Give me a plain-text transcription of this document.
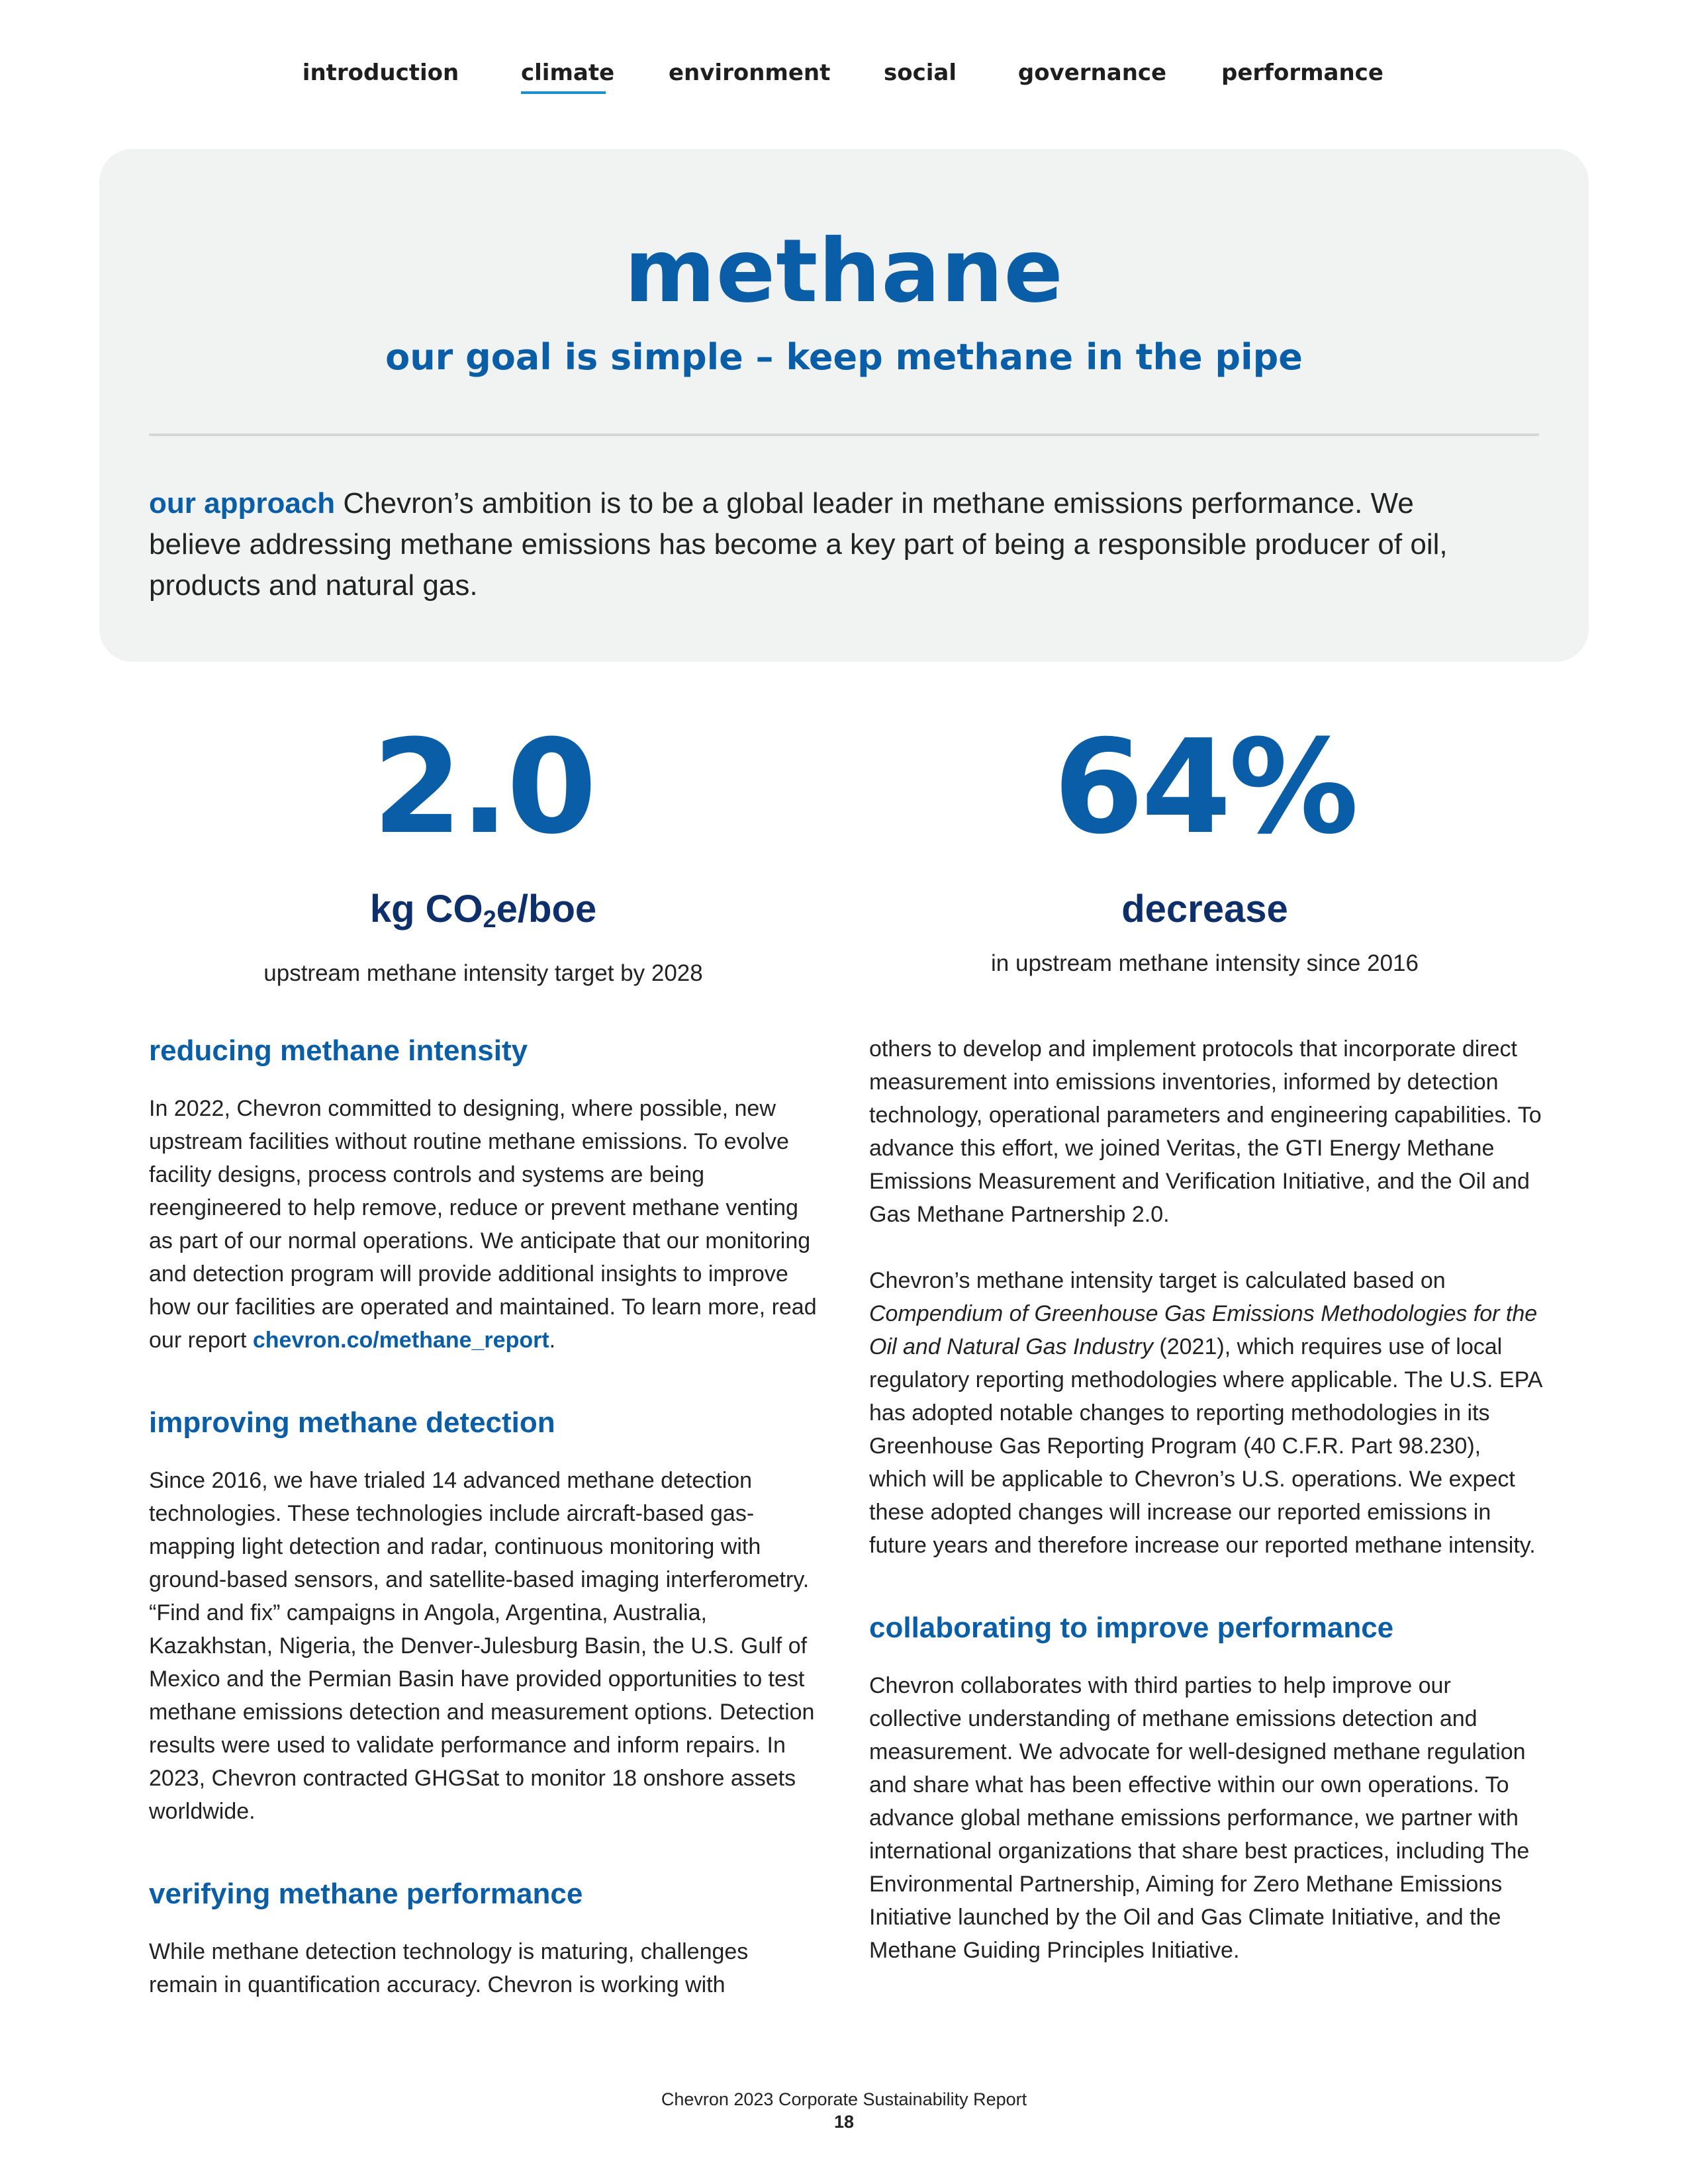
introduction	climate environment social	governance performance
methane
our goal is simple – keep methane in the pipe
our approach Chevron’s ambition is to be a global leader in methane emissions performance. We believe addressing methane emissions has become a key part of being a responsible producer of oil, products and natural gas.
2.0
kg $CO_2e$/boe
upstream methane intensity target by 2028
64%
decrease
in upstream methane intensity since 2016
reducing methane intensity

In 2022, Chevron committed to designing, where possible, new upstream facilities without routine methane emissions. To evolve facility designs, process controls and systems are being reengineered to help remove, reduce or prevent methane venting as part of our normal operations. We anticipate that our monitoring and detection program will provide additional insights to improve how our facilities are operated and maintained. To learn more, read our report chevron.co/methane_report.

improving methane detection

Since 2016, we have trialed 14 advanced methane detection technologies. These technologies include aircraft-based gas-mapping light detection and radar, continuous monitoring with ground-based sensors, and satellite-based imaging interferometry. “Find and fix” campaigns in Angola, Argentina, Australia, Kazakhstan, Nigeria, the Denver-Julesburg Basin, the U.S. Gulf of Mexico and the Permian Basin have provided opportunities to test methane emissions detection and measurement options. Detection results were used to validate performance and inform repairs. In 2023, Chevron contracted GHGSat to monitor 18 onshore assets worldwide.

verifying methane performance

While methane detection technology is maturing, challenges remain in quantification accuracy. Chevron is working with

others to develop and implement protocols that incorporate direct measurement into emissions inventories, informed by detection technology, operational parameters and engineering capabilities. To advance this effort, we joined Veritas, the GTI Energy Methane Emissions Measurement and Verification Initiative, and the Oil and Gas Methane Partnership 2.0.

Chevron’s methane intensity target is calculated based on Compendium of Greenhouse Gas Emissions Methodologies for the Oil and Natural Gas Industry (2021), which requires use of local regulatory reporting methodologies where applicable. The U.S. EPA has adopted notable changes to reporting methodologies in its Greenhouse Gas Reporting Program (40 C.F.R. Part 98.230), which will be applicable to Chevron’s U.S. operations. We expect these adopted changes will increase our reported emissions in future years and therefore increase our reported methane intensity.

collaborating to improve performance

Chevron collaborates with third parties to help improve our collective understanding of methane emissions detection and measurement. We advocate for well-designed methane regulation and share what has been effective within our own operations. To advance global methane emissions performance, we partner with international organizations that share best practices, including The Environmental Partnership, Aiming for Zero Methane Emissions Initiative launched by the Oil and Gas Climate Initiative, and the Methane Guiding Principles Initiative.

Chevron 2023 Corporate Sustainability Report
18
